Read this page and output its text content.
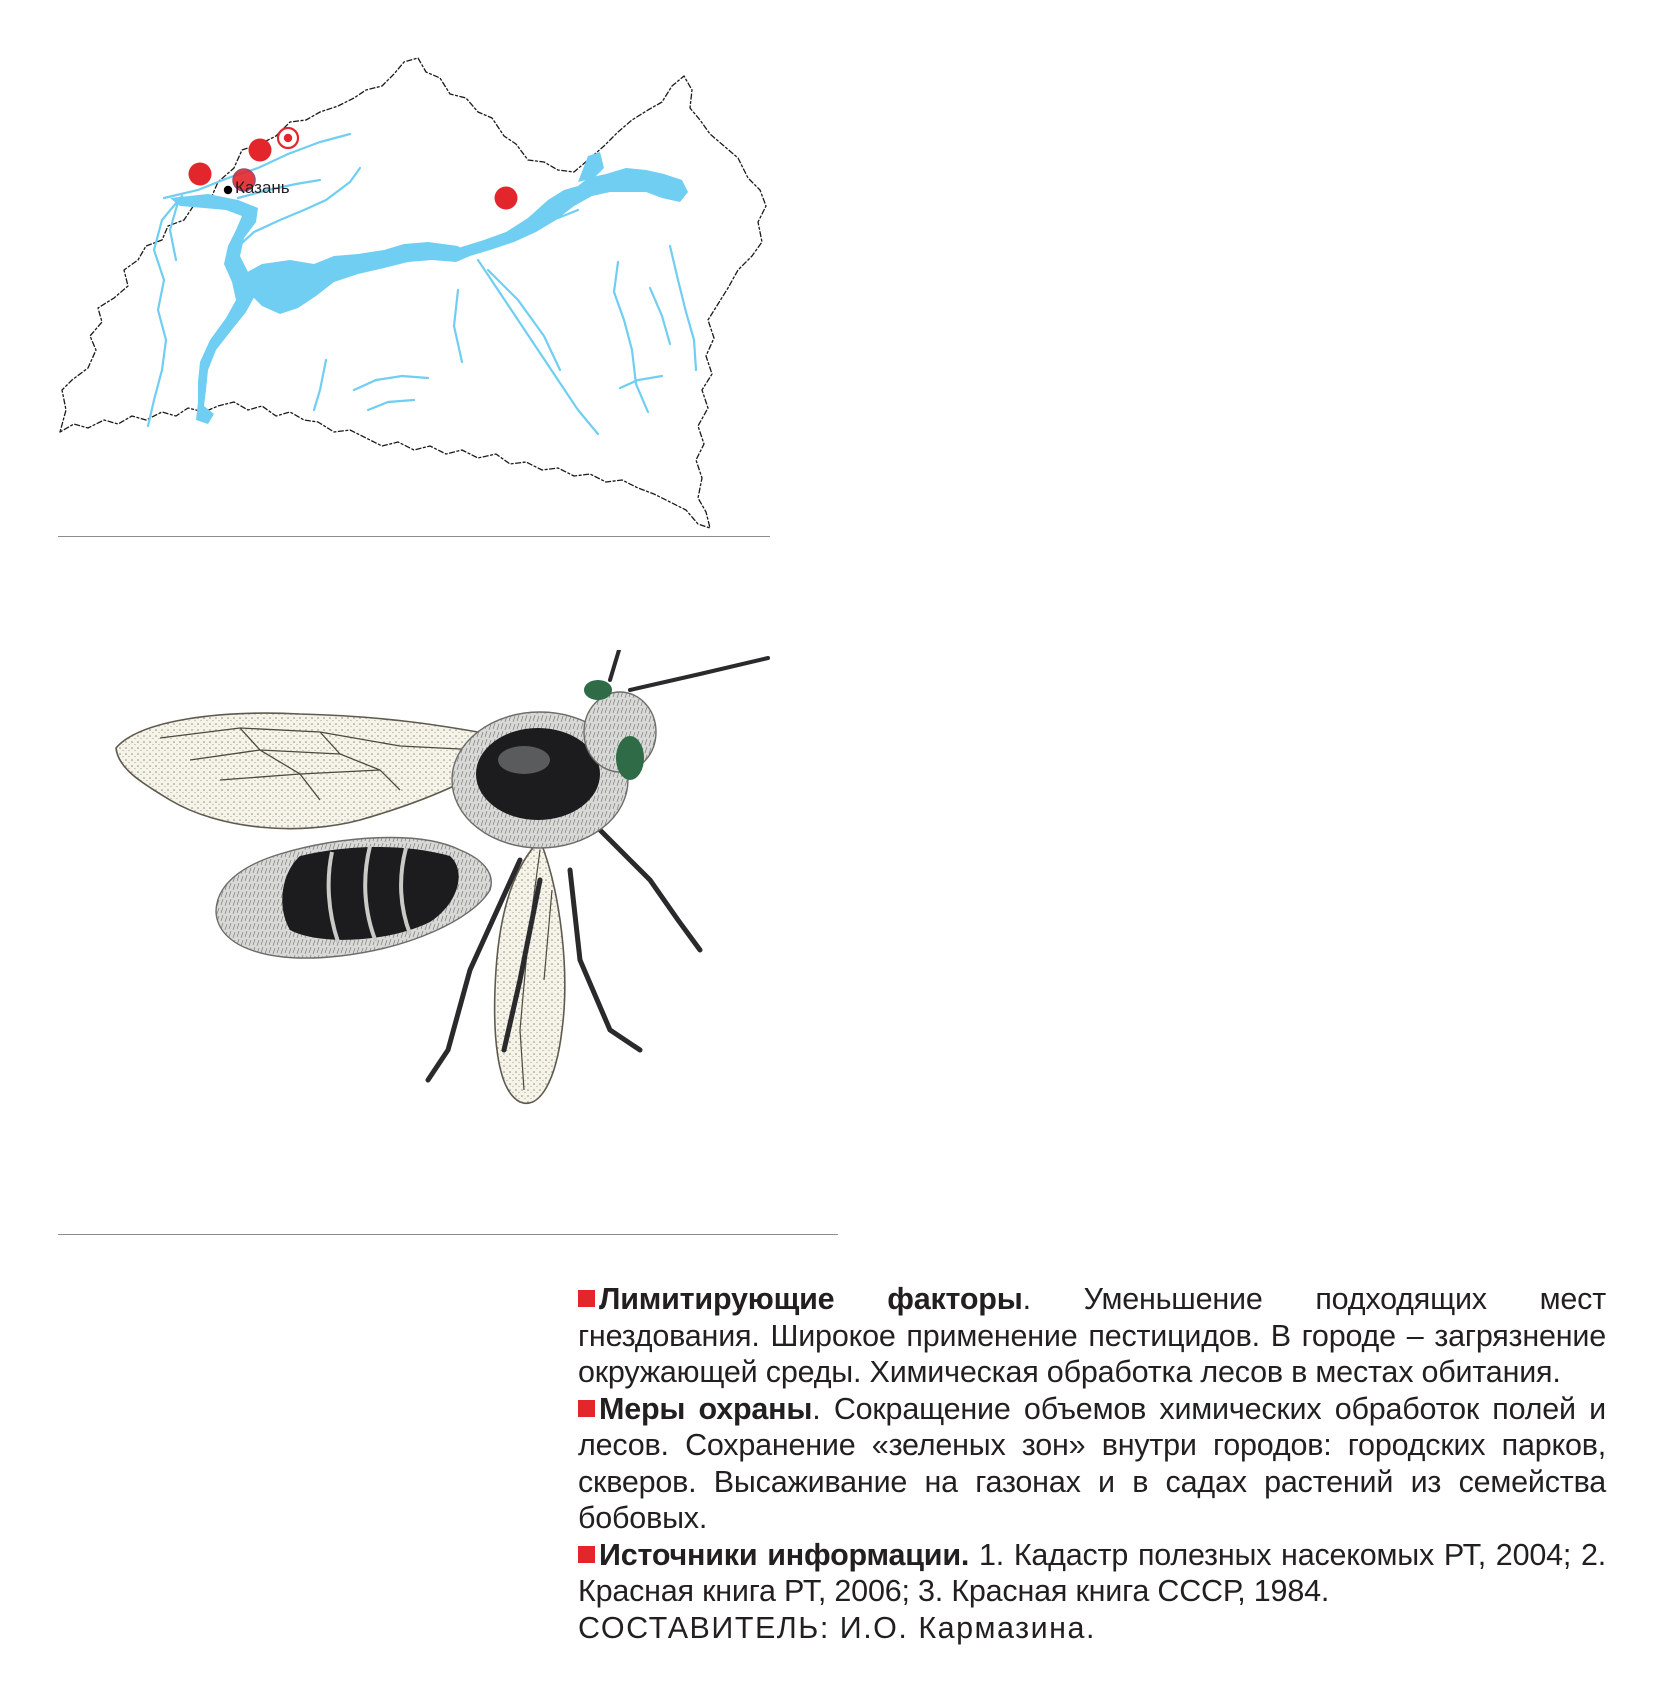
Казань

Лимитирующие факторы. Уменьшение подходящих мест гнездования. Широкое применение пестицидов. В городе – загрязнение окружающей среды. Химическая обработка лесов в местах обитания.

Меры охраны. Сокращение объемов химических обработок полей и лесов. Сохранение «зеленых зон» внутри городов: городских парков, скверов. Высаживание на газонах и в садах растений из семейства бобовых.

Источники информации. 1. Кадастр полезных насекомых РТ, 2004; 2. Красная книга РТ, 2006; 3. Красная книга СССР, 1984.

СОСТАВИТЕЛЬ: И.О. Кармазина.
